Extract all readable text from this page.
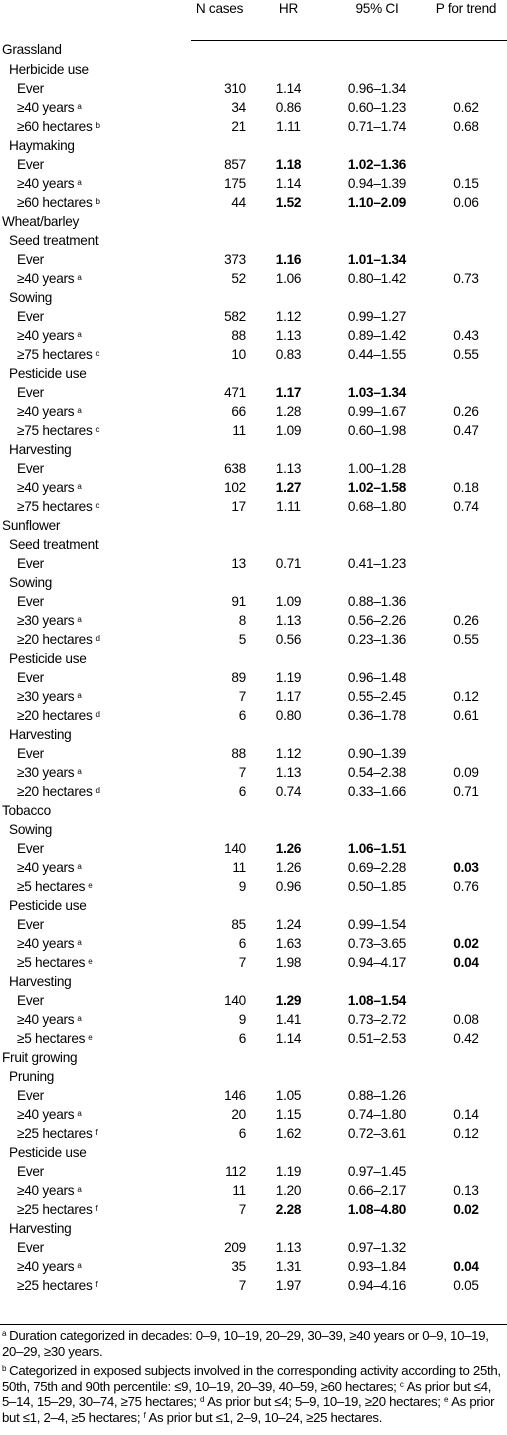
	N cases	HR	95% CI	P for trend
Grassland				
Herbicide use				
Ever	310	1.14	0.96–1.34	
≥40 years $^a$	34	0.86	0.60–1.23	0.62
≥60 hectares $^b$	21	1.11	0.71–1.74	0.68
Haymaking				
Ever	857	1.18	1.02–1.36	
≥40 years $^a$	175	1.14	0.94–1.39	0.15
≥60 hectares $^b$	44	1.52	1.10–2.09	0.06
Wheat/barley				
Seed treatment				
Ever	373	1.16	1.01–1.34	
≥40 years $^a$	52	1.06	0.80–1.42	0.73
Sowing				
Ever	582	1.12	0.99–1.27	
≥40 years $^a$	88	1.13	0.89–1.42	0.43
≥75 hectares $^c$	10	0.83	0.44–1.55	0.55
Pesticide use				
Ever	471	1.17	1.03–1.34	
≥40 years $^a$	66	1.28	0.99–1.67	0.26
≥75 hectares $^c$	11	1.09	0.60–1.98	0.47
Harvesting				
Ever	638	1.13	1.00–1.28	
≥40 years $^a$	102	1.27	1.02–1.58	0.18
≥75 hectares $^c$	17	1.11	0.68–1.80	0.74
Sunflower				
Seed treatment				
Ever	13	0.71	0.41–1.23	
Sowing				
Ever	91	1.09	0.88–1.36	
≥30 years $^a$	8	1.13	0.56–2.26	0.26
≥20 hectares $^d$	5	0.56	0.23–1.36	0.55
Pesticide use				
Ever	89	1.19	0.96–1.48	
≥30 years $^a$	7	1.17	0.55–2.45	0.12
≥20 hectares $^d$	6	0.80	0.36–1.78	0.61
Harvesting				
Ever	88	1.12	0.90–1.39	
≥30 years $^a$	7	1.13	0.54–2.38	0.09
≥20 hectares $^d$	6	0.74	0.33–1.66	0.71
Tobacco				
Sowing				
Ever	140	1.26	1.06–1.51	
≥40 years $^a$	11	1.26	0.69–2.28	0.03
≥5 hectares $^e$	9	0.96	0.50–1.85	0.76
Pesticide use				
Ever	85	1.24	0.99–1.54	
≥40 years $^a$	6	1.63	0.73–3.65	0.02
≥5 hectares $^e$	7	1.98	0.94–4.17	0.04
Harvesting				
Ever	140	1.29	1.08–1.54	
≥40 years $^a$	9	1.41	0.73–2.72	0.08
≥5 hectares $^e$	6	1.14	0.51–2.53	0.42
Fruit growing				
Pruning				
Ever	146	1.05	0.88–1.26	
≥40 years $^a$	20	1.15	0.74–1.80	0.14
≥25 hectares $^f$	6	1.62	0.72–3.61	0.12
Pesticide use				
Ever	112	1.19	0.97–1.45	
≥40 years $^a$	11	1.20	0.66–2.17	0.13
≥25 hectares $^f$	7	2.28	1.08–4.80	0.02
Harvesting				
Ever	209	1.13	0.97–1.32	
≥40 years $^a$	35	1.31	0.93–1.84	0.04
≥25 hectares $^f$	7	1.97	0.94–4.16	0.05

$^a$ Duration categorized in decades: 0–9, 10–19, 20–29, 30–39, ≥40 years or 0–9, 10–19, 20–29, ≥30 years.

$^b$ Categorized in exposed subjects involved in the corresponding activity according to 25th, 50th, 75th and 90th percentile: ≤9, 10–19, 20–39, 40–59, ≥60 hectares; $^c$ As prior but ≤4, 5–14, 15–29, 30–74, ≥75 hectares; $^d$ As prior but ≤4; 5–9, 10–19, ≥20 hectares; $^e$ As prior but ≤1, 2–4, ≥5 hectares; $^f$ As prior but ≤1, 2–9, 10–24, ≥25 hectares.
